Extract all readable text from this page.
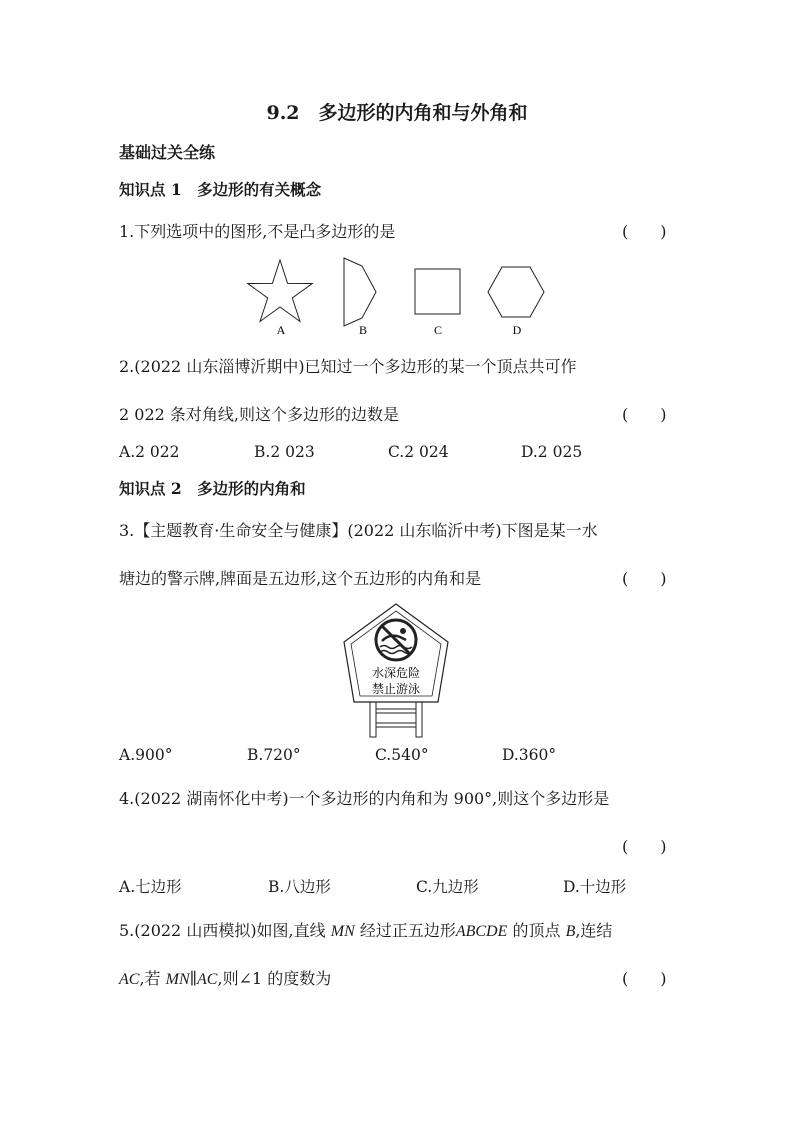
9.2　多边形的内角和与外角和
基础过关全练
知识点 1　多边形的有关概念
1.下列选项中的图形,不是凸多边形的是	(　　)
A	B	C	D
2.(2022 山东淄博沂期中)已知过一个多边形的某一个顶点共可作
2 022 条对角线,则这个多边形的边数是	(　　)
A.2 022	B.2 023	C.2 024	D.2 025
知识点 2　多边形的内角和
3.【主题教育·生命安全与健康】(2022 山东临沂中考)下图是某一水
塘边的警示牌,牌面是五边形,这个五边形的内角和是	(　　)
水深危险
禁止游泳
A.900°	B.720°	C.540°	D.360°
4.(2022 湖南怀化中考)一个多边形的内角和为 900°,则这个多边形是
(　　)
A.七边形	B.八边形	C.九边形	D.十边形
5.(2022 山西模拟)如图,直线 MN 经过正五边形ABCDE 的顶点 B,连结
AC,若 MN∥AC,则∠1 的度数为	(　　)
